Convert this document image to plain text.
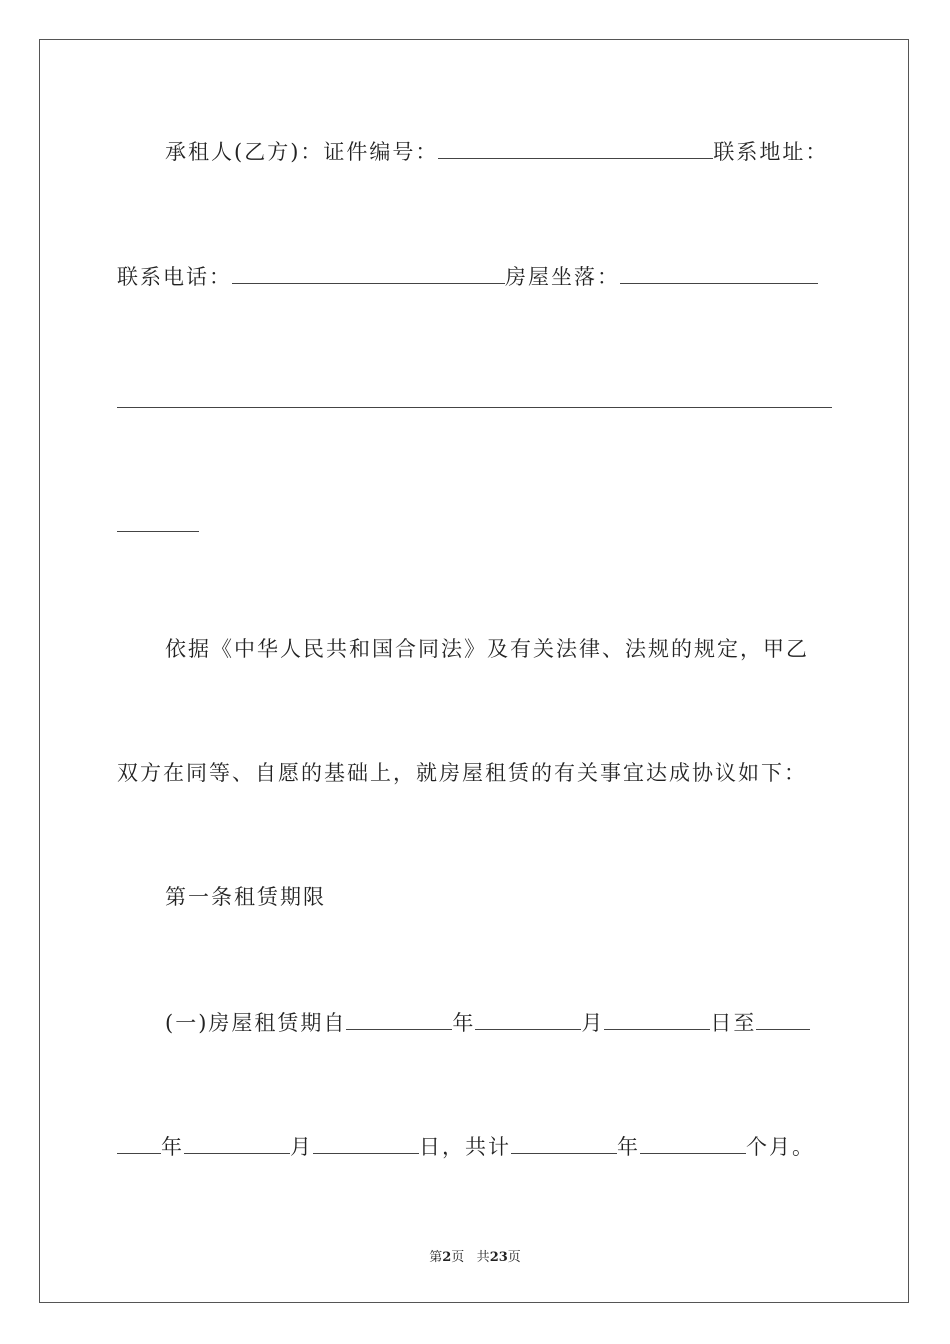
承租人(乙方)：证件编号：	联系地址：
联系电话：	房屋坐落：
依据《中华人民共和国合同法》及有关法律、法规的规定，甲乙
双方在同等、自愿的基础上，就房屋租赁的有关事宜达成协议如下：
第一条租赁期限
(一)房屋租赁期自	年	月	日至
年	月	日，共计	年	个月。
第2页 共23页
